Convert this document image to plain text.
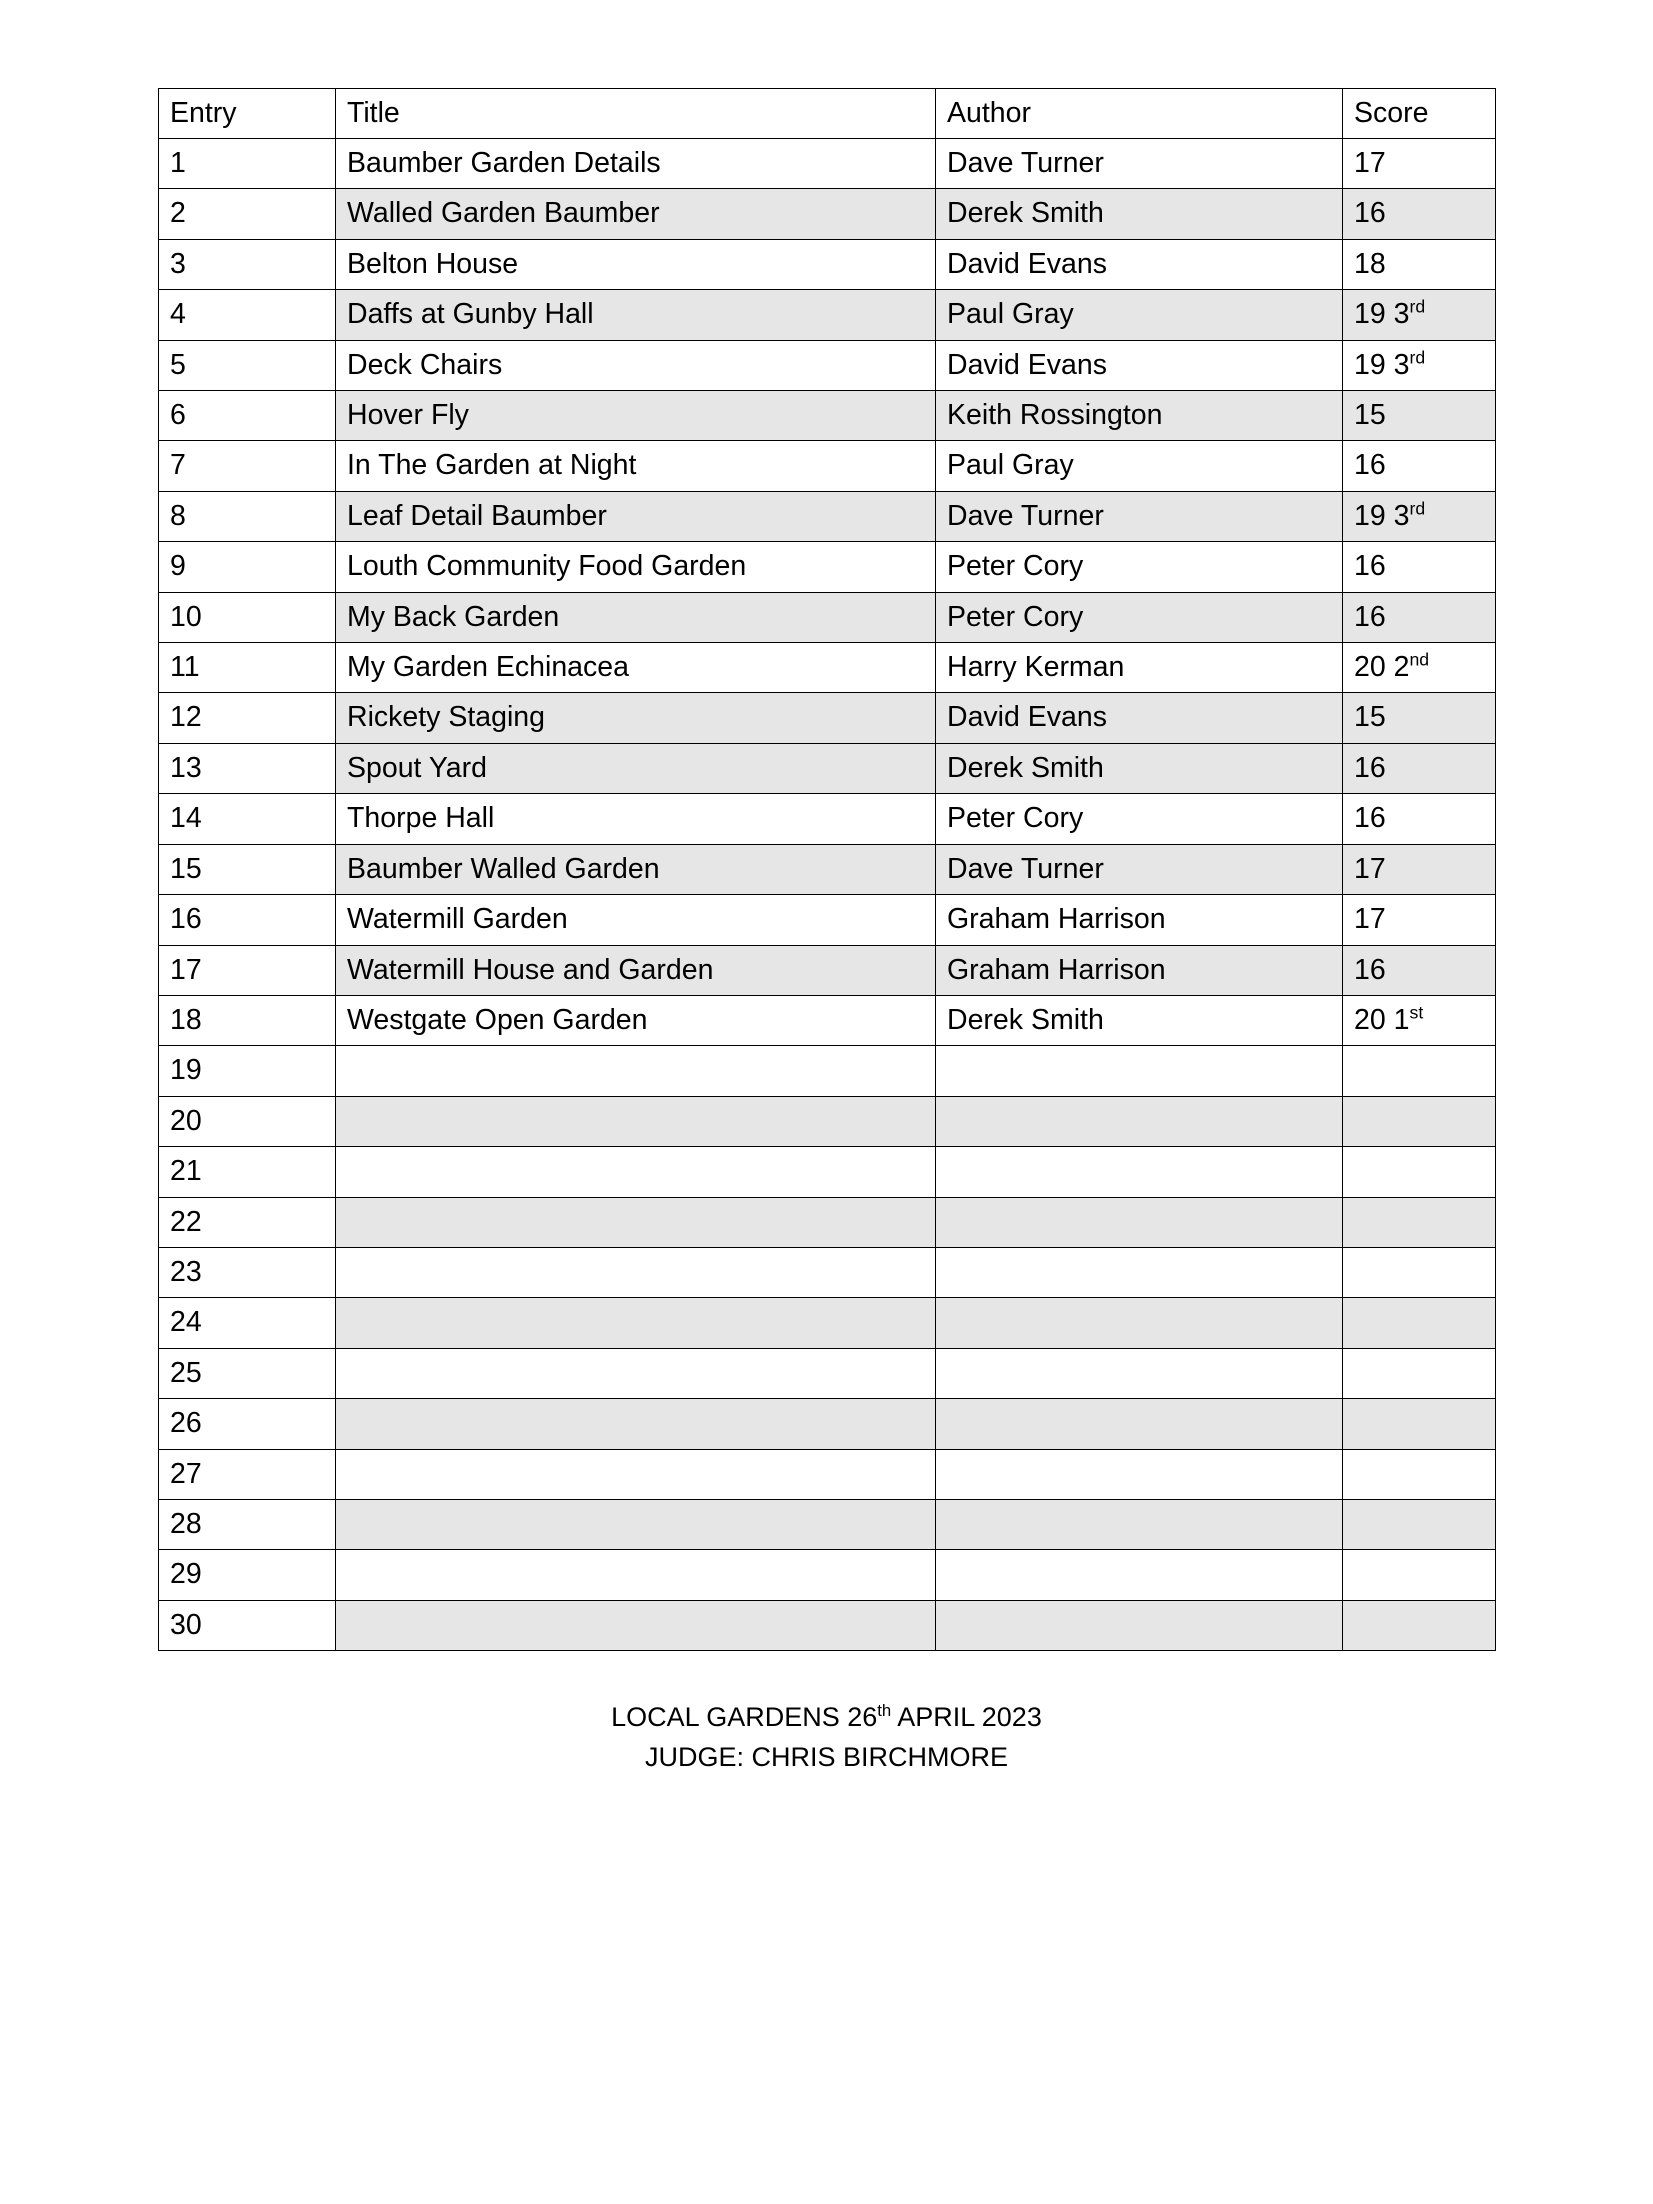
Entry	Title	Author	Score
1	Baumber Garden Details	Dave Turner	17
2	Walled Garden Baumber	Derek Smith	16
3	Belton House	David Evans	18
4	Daffs at Gunby Hall	Paul Gray	19 3rd
5	Deck Chairs	David Evans	19 3rd
6	Hover Fly	Keith Rossington	15
7	In The Garden at Night	Paul Gray	16
8	Leaf Detail Baumber	Dave Turner	19 3rd
9	Louth Community Food Garden	Peter Cory	16
10	My Back Garden	Peter Cory	16
11	My Garden Echinacea	Harry Kerman	20 2nd
12	Rickety Staging	David Evans	15
13	Spout Yard	Derek Smith	16
14	Thorpe Hall	Peter Cory	16
15	Baumber Walled Garden	Dave Turner	17
16	Watermill Garden	Graham Harrison	17
17	Watermill House and Garden	Graham Harrison	16
18	Westgate Open Garden	Derek Smith	20 1st
19			
20			
21			
22			
23			
24			
25			
26			
27			
28			
29			
30			
LOCAL GARDENS 26th APRIL 2023
JUDGE: CHRIS BIRCHMORE
